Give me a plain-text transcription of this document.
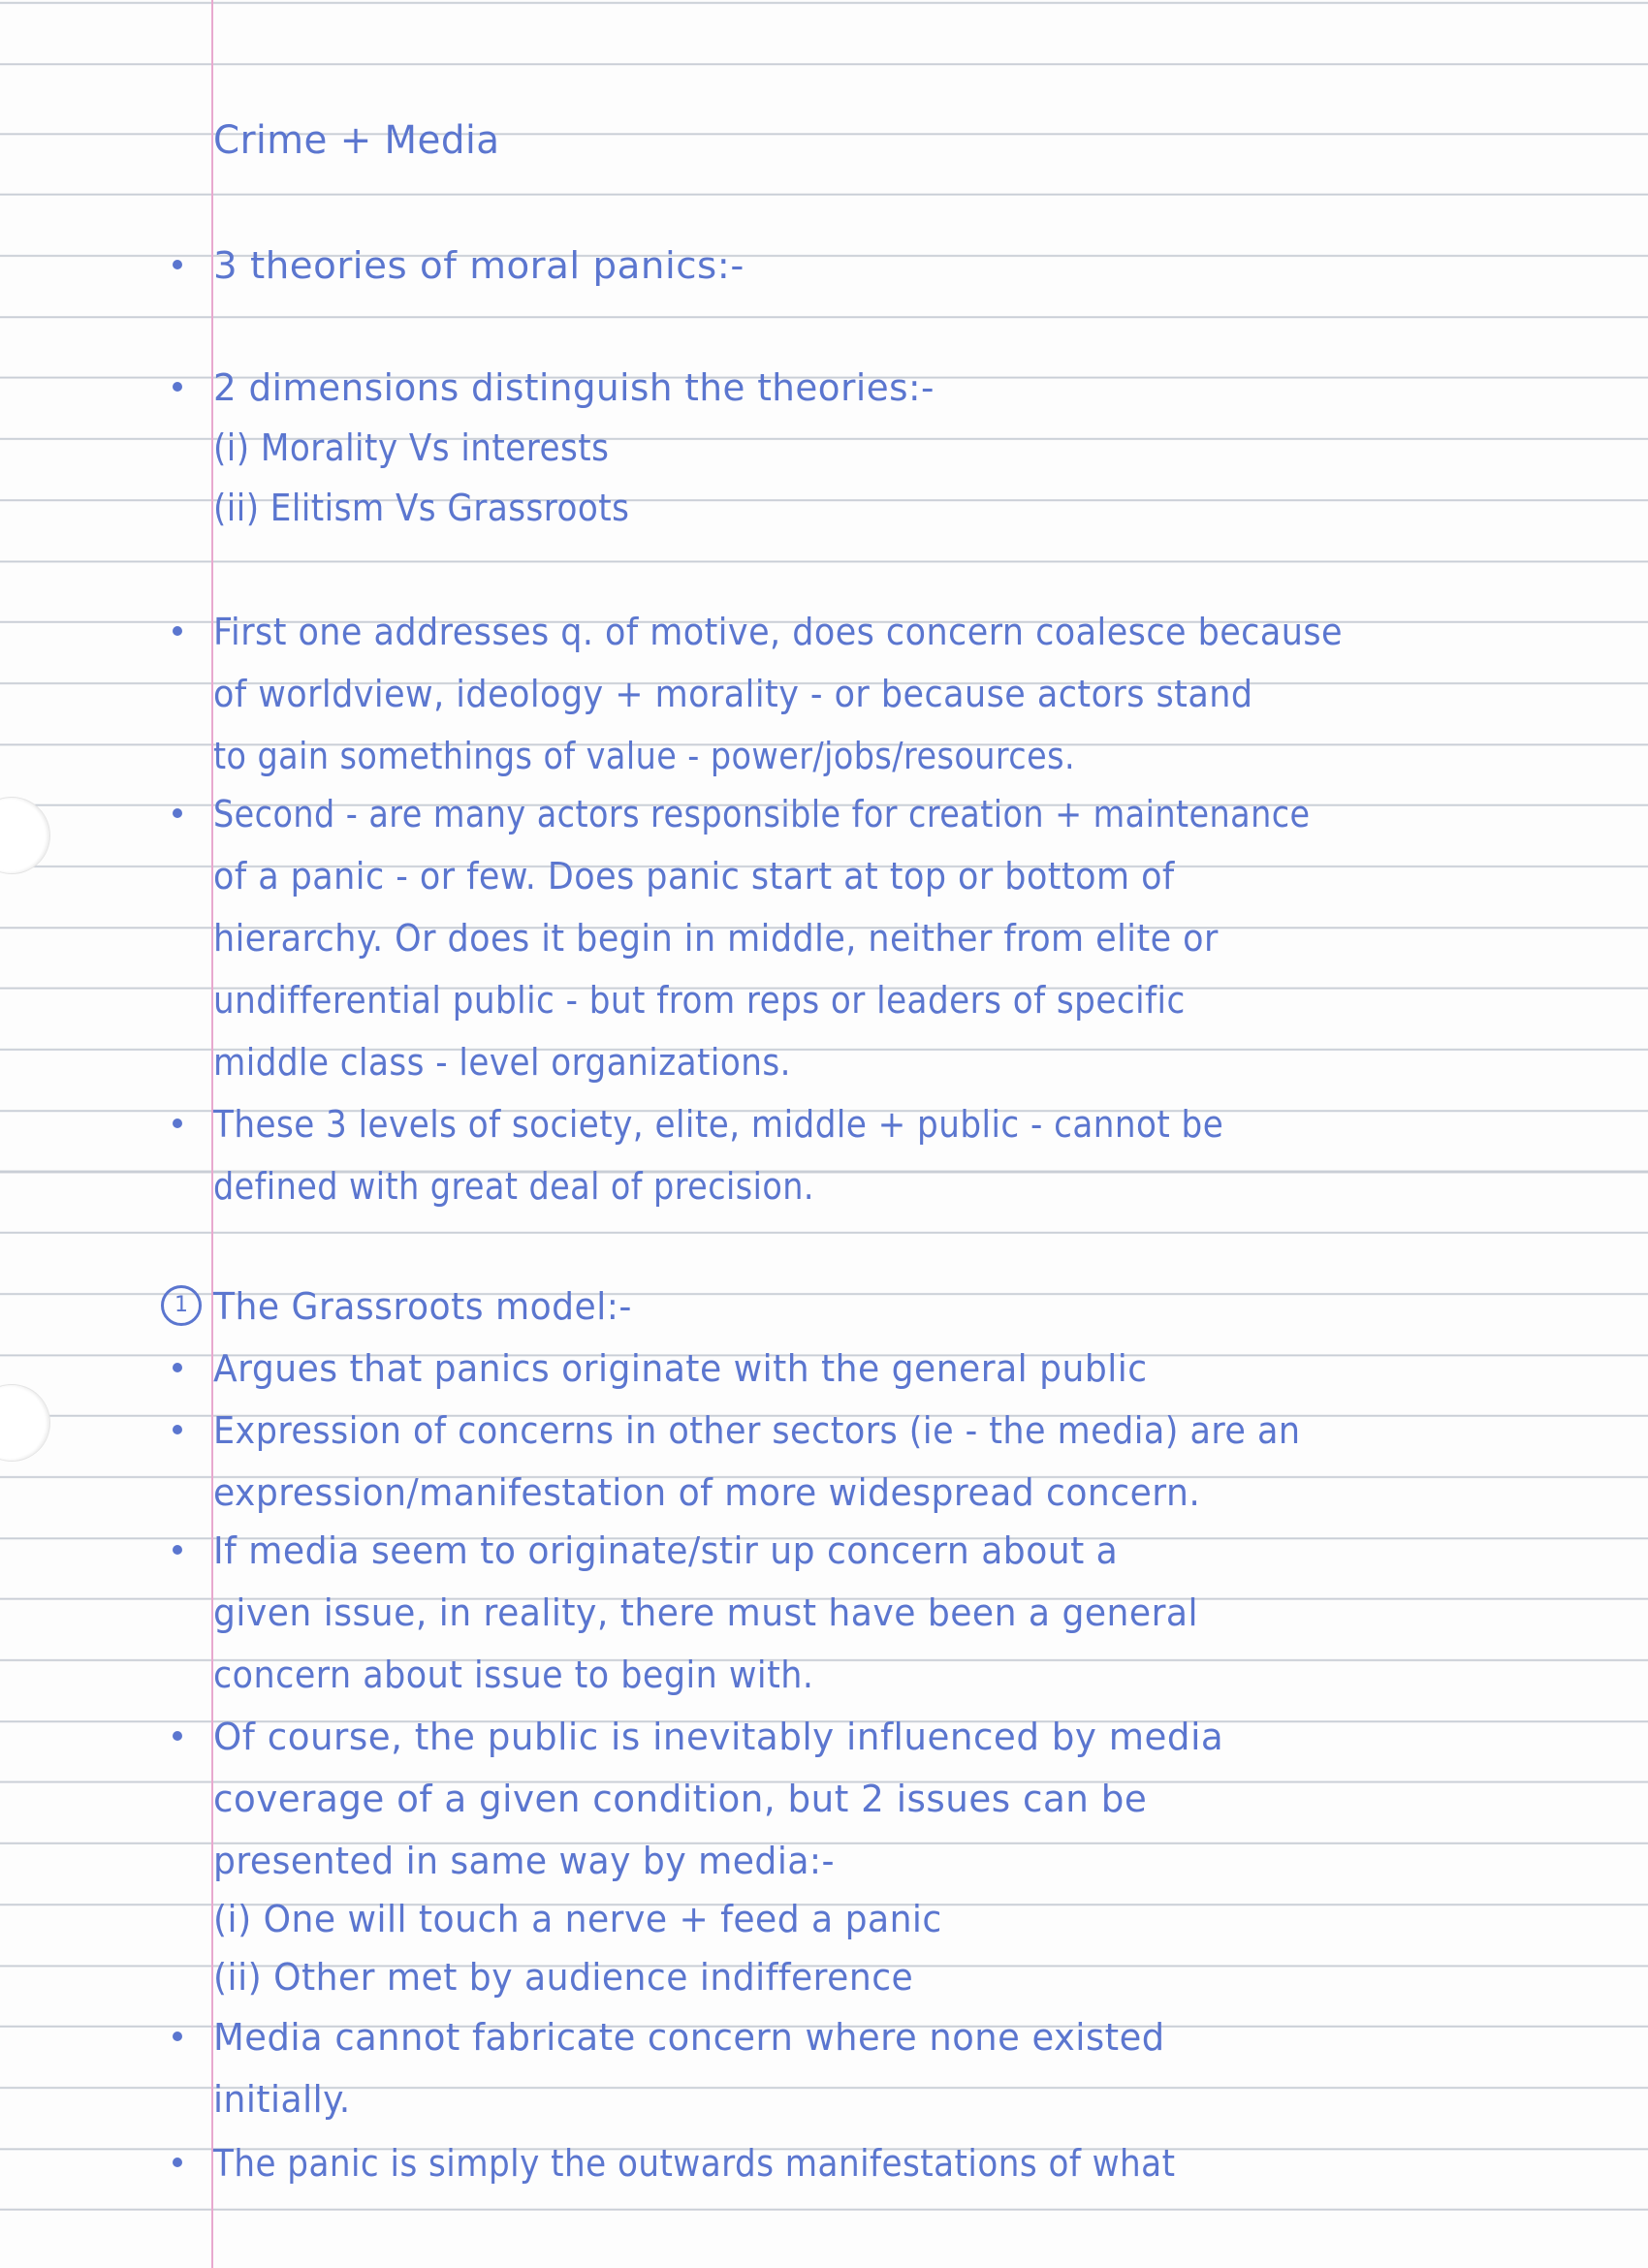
Crime + Media
3 theories of moral panics:-
2 dimensions distinguish the theories:-
(i) Morality Vs interests
(ii) Elitism Vs Grassroots
First one addresses q. of motive, does concern coalesce because
of worldview, ideology + morality - or because actors stand
to gain somethings of value - power/jobs/resources.
Second - are many actors responsible for creation + maintenance
of a panic - or few. Does panic start at top or bottom of
hierarchy. Or does it begin in middle, neither from elite or
undifferential public - but from reps or leaders of specific
middle class - level organizations.
These 3 levels of society, elite, middle + public - cannot be
defined with great deal of precision.
1 The Grassroots model:-
Argues that panics originate with the general public
Expression of concerns in other sectors (ie - the media) are an
expression/manifestation of more widespread concern.
If media seem to originate/stir up concern about a
given issue, in reality, there must have been a general
concern about issue to begin with.
Of course, the public is inevitably influenced by media
coverage of a given condition, but 2 issues can be
presented in same way by media:-
(i) One will touch a nerve + feed a panic
(ii) Other met by audience indifference
Media cannot fabricate concern where none existed
initially.
The panic is simply the outwards manifestations of what
